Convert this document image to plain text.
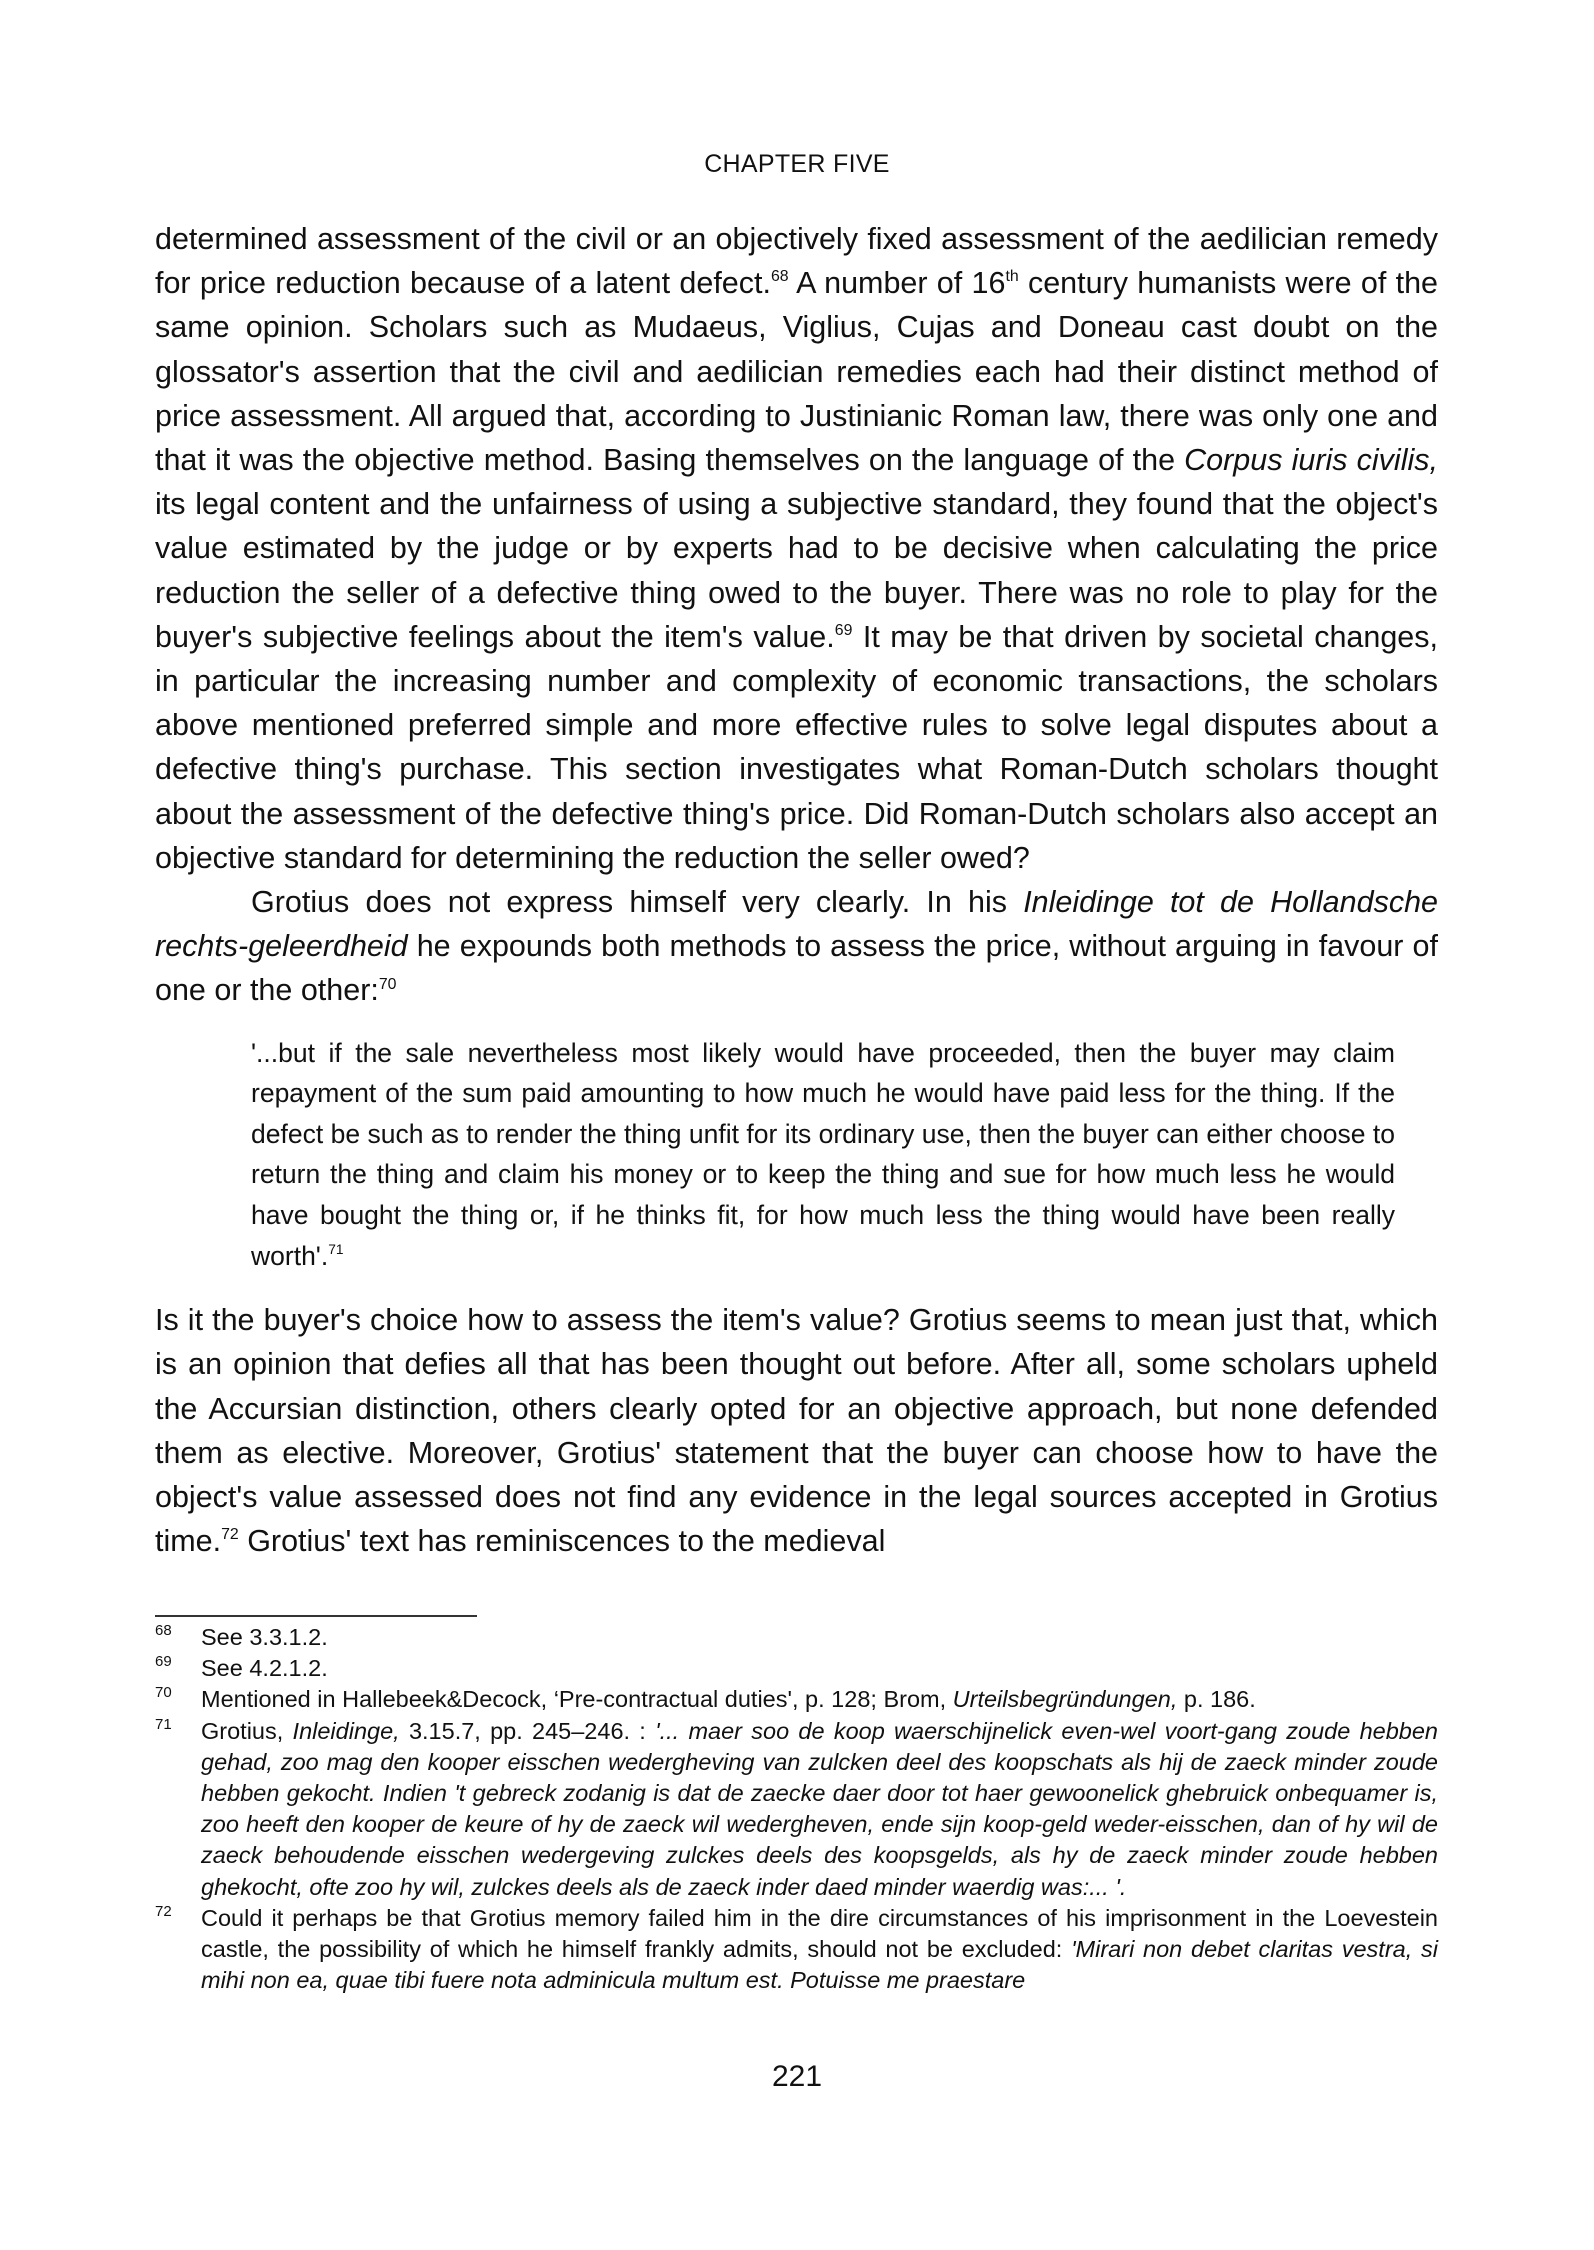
CHAPTER FIVE

determined assessment of the civil or an objectively fixed assessment of the aedilician remedy for price reduction because of a latent defect.$^{68}$ A number of 16th century humanists were of the same opinion. Scholars such as Mudaeus, Viglius, Cujas and Doneau cast doubt on the glossator's assertion that the civil and aedilician remedies each had their distinct method of price assessment. All argued that, according to Justinianic Roman law, there was only one and that it was the objective method. Basing themselves on the language of the Corpus iuris civilis, its legal content and the unfairness of using a subjective standard, they found that the object's value estimated by the judge or by experts had to be decisive when calculating the price reduction the seller of a defective thing owed to the buyer. There was no role to play for the buyer's subjective feelings about the item's value.$^{69}$ It may be that driven by societal changes, in particular the increasing number and complexity of economic transactions, the scholars above mentioned preferred simple and more effective rules to solve legal disputes about a defective thing's purchase. This section investigates what Roman-Dutch scholars thought about the assessment of the defective thing's price. Did Roman-Dutch scholars also accept an objective standard for determining the reduction the seller owed?

Grotius does not express himself very clearly. In his Inleidinge tot de Hollandsche rechts-geleerdheid he expounds both methods to assess the price, without arguing in favour of one or the other:$^{70}$

'...but if the sale nevertheless most likely would have proceeded, then the buyer may claim repayment of the sum paid amounting to how much he would have paid less for the thing. If the defect be such as to render the thing unfit for its ordinary use, then the buyer can either choose to return the thing and claim his money or to keep the thing and sue for how much less he would have bought the thing or, if he thinks fit, for how much less the thing would have been really worth'.$^{71}$

Is it the buyer's choice how to assess the item's value? Grotius seems to mean just that, which is an opinion that defies all that has been thought out before. After all, some scholars upheld the Accursian distinction, others clearly opted for an objective approach, but none defended them as elective. Moreover, Grotius' statement that the buyer can choose how to have the object's value assessed does not find any evidence in the legal sources accepted in Grotius time.$^{72}$ Grotius' text has reminiscences to the medieval

68 See 3.3.1.2.
69 See 4.2.1.2.
70 Mentioned in Hallebeek&Decock, ‘Pre-contractual duties', p. 128; Brom, Urteilsbegründungen, p. 186.
71 Grotius, Inleidinge, 3.15.7, pp. 245–246. : '... maer soo de koop waerschijnelick even-wel voort-gang zoude hebben gehad, zoo mag den kooper eisschen wedergheving van zulcken deel des koopschats als hij de zaeck minder zoude hebben gekocht. Indien 't gebreck zodanig is dat de zaecke daer door tot haer gewoonelick ghebruick onbequamer is, zoo heeft den kooper de keure of hy de zaeck wil wedergheven, ende sijn koop-geld weder-eisschen, dan of hy wil de zaeck behoudende eisschen wedergeving zulckes deels des koopsgelds, als hy de zaeck minder zoude hebben ghekocht, ofte zoo hy wil, zulckes deels als de zaeck inder daed minder waerdig was:... '.
72 Could it perhaps be that Grotius memory failed him in the dire circumstances of his imprisonment in the Loevestein castle, the possibility of which he himself frankly admits, should not be excluded: 'Mirari non debet claritas vestra, si mihi non ea, quae tibi fuere nota adminicula multum est. Potuisse me praestare
221
